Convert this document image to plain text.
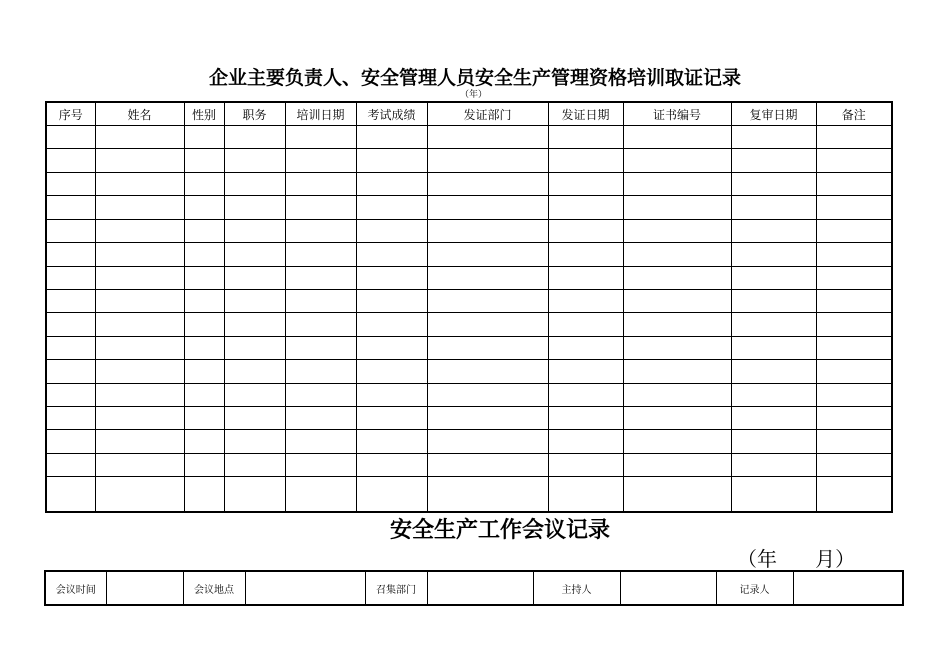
企业主要负责人、安全管理人员安全生产管理资格培训取证记录
（年）
序号	姓名	性别	职务	培训日期	考试成绩	发证部门	发证日期	证书编号	复审日期	备注

安全生产工作会议记录
（年      月）
会议时间		会议地点		召集部门		主持人		记录人	
